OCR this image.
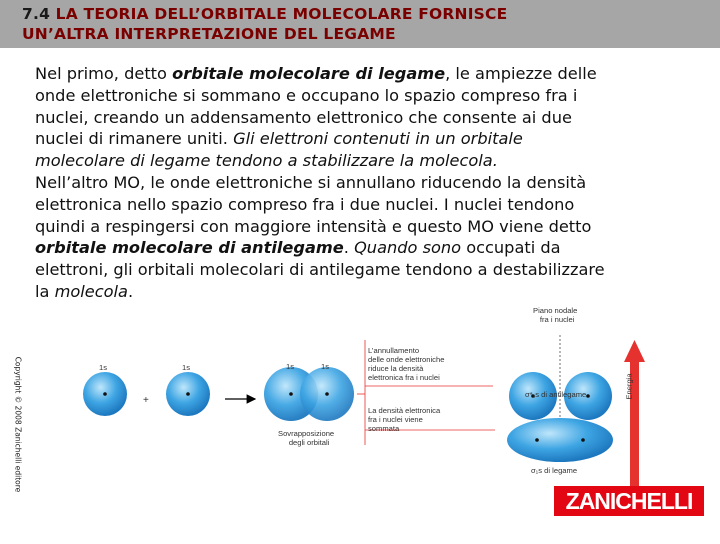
7.4 LA TEORIA DELL’ORBITALE MOLECOLARE FORNISCE
UN’ALTRA INTERPRETAZIONE DEL LEGAME
Nel primo, detto orbitale molecolare di legame, le ampiezze delle
onde elettroniche si sommano e occupano lo spazio compreso fra i
nuclei, creando un addensamento elettronico che consente ai due
nuclei di rimanere uniti. Gli elettroni contenuti in un orbitale
molecolare di legame tendono a stabilizzare la molecola.
Nell’altro MO, le onde elettroniche si annullano riducendo la densità
elettronica nello spazio compreso fra i due nuclei. I nuclei tendono
quindi a respingersi con maggiore intensità e questo MO viene detto
orbitale molecolare di antilegame. Quando sono occupati da
elettroni, gli orbitali molecolari di antilegame tendono a destabilizzare
la molecola.
Copyright © 2008 Zanichelli editore	1s	1s
+
1s	1s
Sovrapposizione
degli orbitali
L’annullamento
delle onde elettroniche
riduce la densità
elettronica fra i nuclei
La densità elettronica
fra i nuclei viene
sommata
Piano nodale
fra i nuclei
σ*₁s di antilegame
σ₁s di legame
Energia
ZANICHELLI
